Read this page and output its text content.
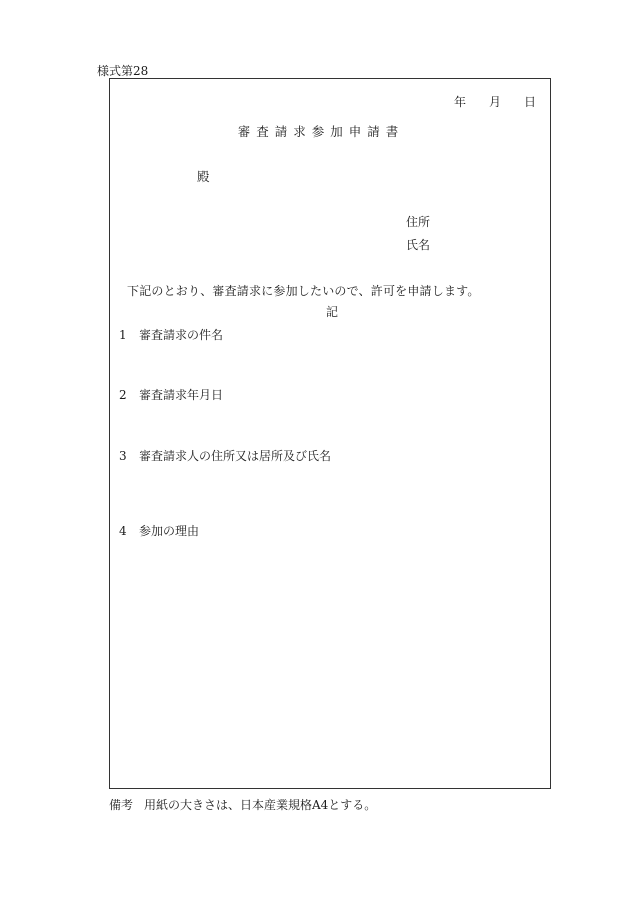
様式第28
年 月 日
審査請求参加申請書
殿
住所
氏名
下記のとおり、審査請求に参加したいので、許可を申請します。
記
1 審査請求の件名
2 審査請求年月日
3 審査請求人の住所又は居所及び氏名
4 参加の理由
備考 用紙の大きさは、日本産業規格A4とする。
